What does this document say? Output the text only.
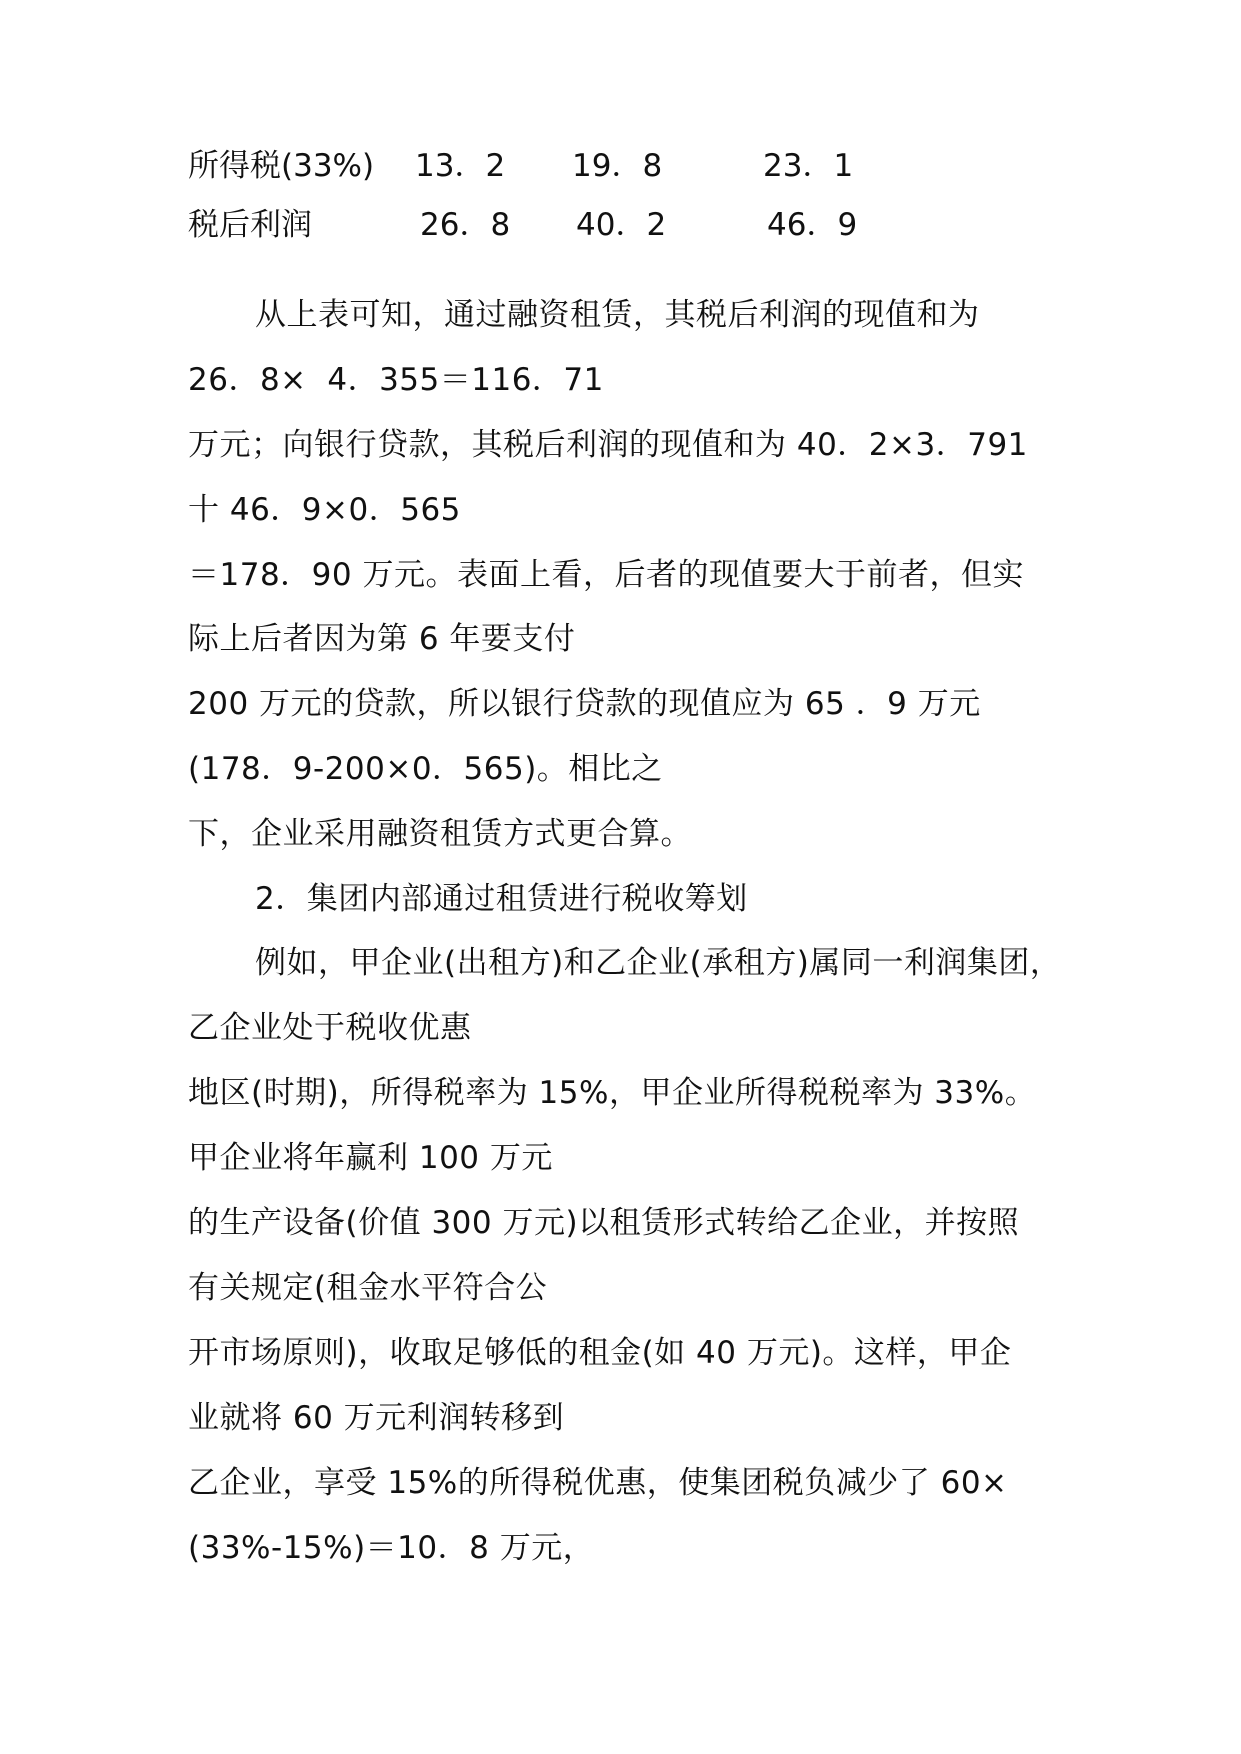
所得税(33%) 13．2 19．8	23．1
税后利润	26．8 40．2	46．9
从上表可知，通过融资租赁，其税后利润的现值和为
26．8×  4．355＝116．71
万元；向银行贷款，其税后利润的现值和为 40．2×3．791
十 46．9×0．565
＝178．90 万元。表面上看，后者的现值要大于前者，但实
际上后者因为第 6 年要支付
200 万元的贷款，所以银行贷款的现值应为 65 ．9 万元
(178．9-200×0．565)。相比之
下，企业采用融资租赁方式更合算。
2．集团内部通过租赁进行税收筹划
例如，甲企业(出租方)和乙企业(承租方)属同一利润集团，
乙企业处于税收优惠
地区(时期)，所得税率为 15%，甲企业所得税税率为 33%。
甲企业将年赢利 100 万元
的生产设备(价值 300 万元)以租赁形式转给乙企业，并按照
有关规定(租金水平符合公
开市场原则)，收取足够低的租金(如 40 万元)。这样，甲企
业就将 60 万元利润转移到
乙企业，享受 15%的所得税优惠，使集团税负减少了 60×
(33%-15%)＝10．8 万元，
